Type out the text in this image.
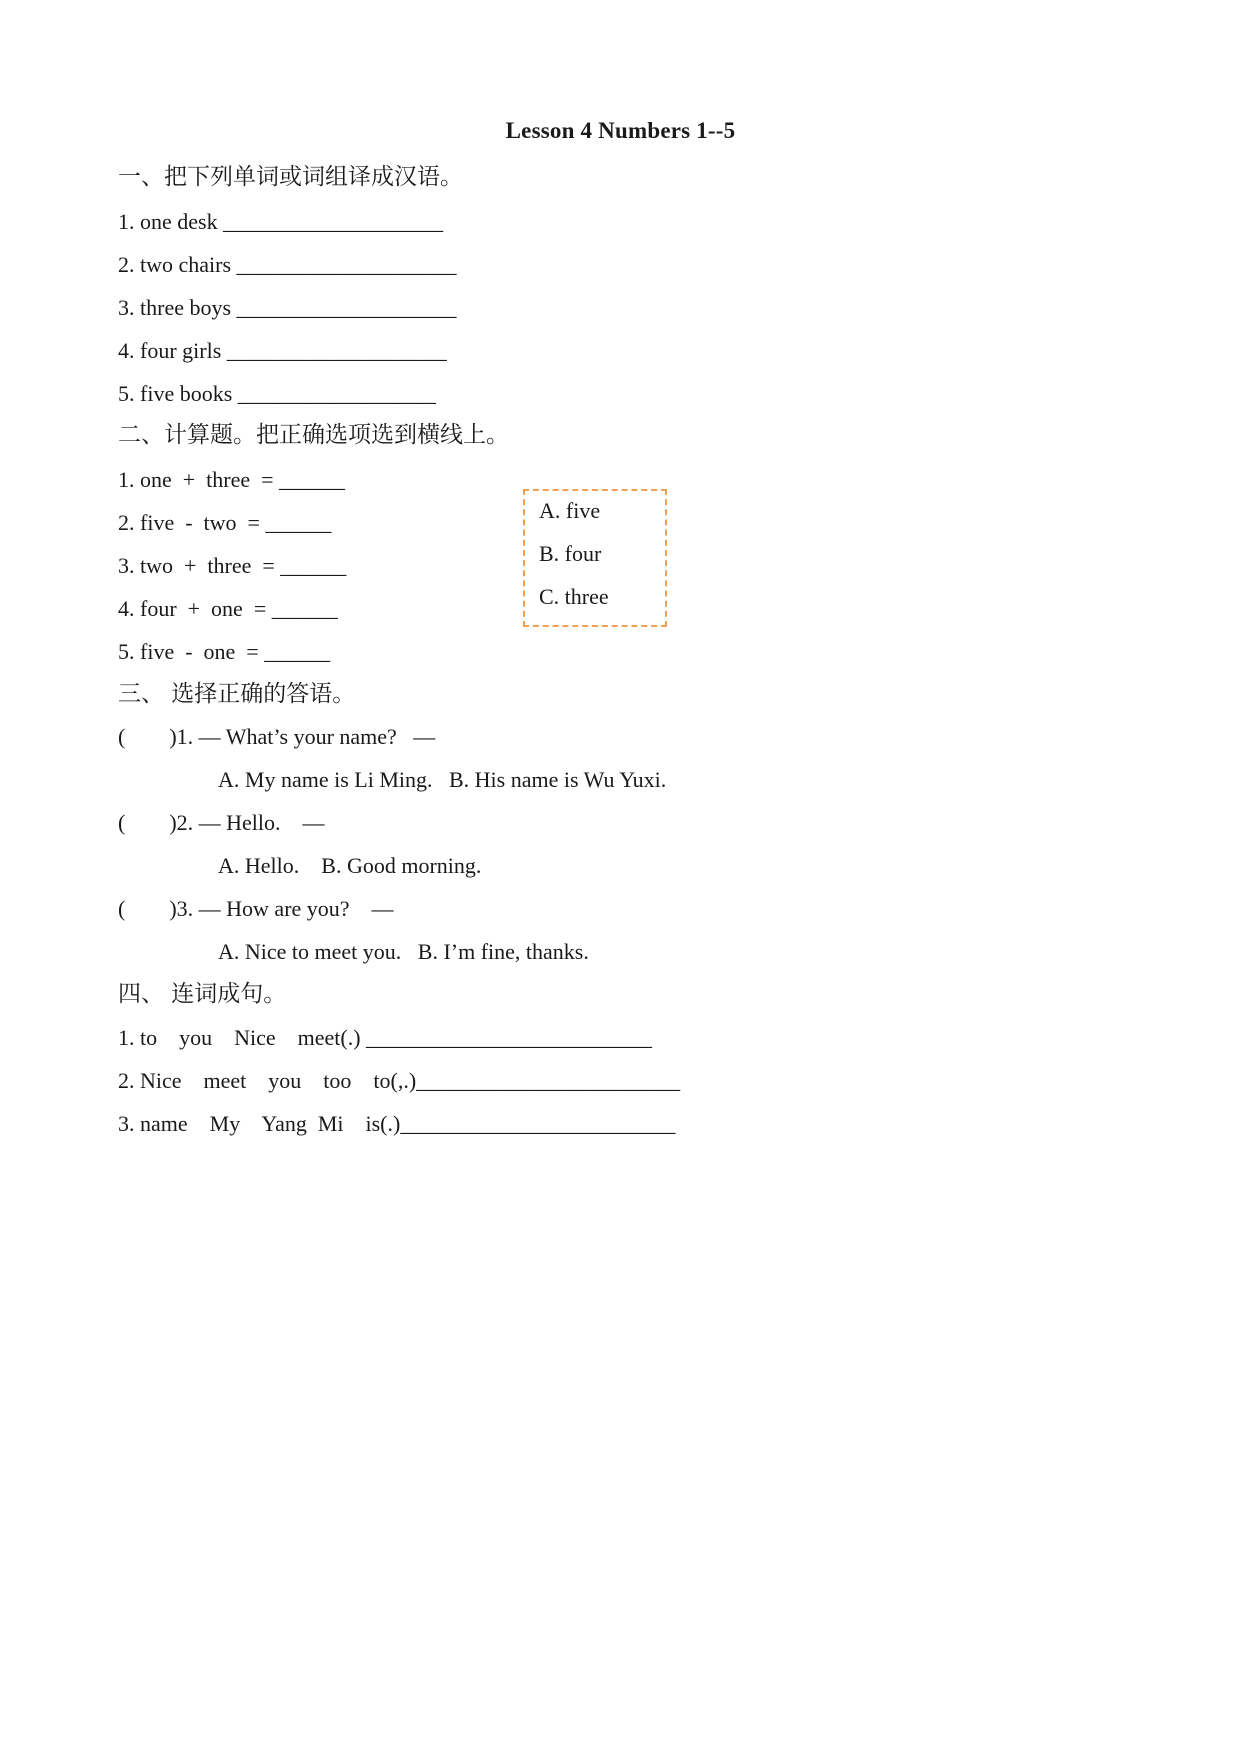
Lesson 4 Numbers 1--5
一、把下列单词或词组译成汉语。
1. one desk ____________________
2. two chairs ____________________
3. three boys ____________________
4. four girls ____________________
5. five books __________________
二、计算题。把正确选项选到横线上。
1. one  +  three  = ______
2. five  -  two  = ______
3. two  +  three  = ______
4. four  +  one  = ______
5. five  -  one  = ______
A. five
B. four
C. three
三、 选择正确的答语。
(        )1. — What’s your name?   —
A. My name is Li Ming.   B. His name is Wu Yuxi.
(        )2. — Hello.    —
A. Hello.    B. Good morning.
(        )3. — How are you?    —
A. Nice to meet you.   B. I’m fine, thanks.
四、 连词成句。
1. to    you    Nice    meet(.) __________________________
2. Nice    meet    you    too    to(,.)________________________
3. name    My    Yang  Mi    is(.)_________________________
